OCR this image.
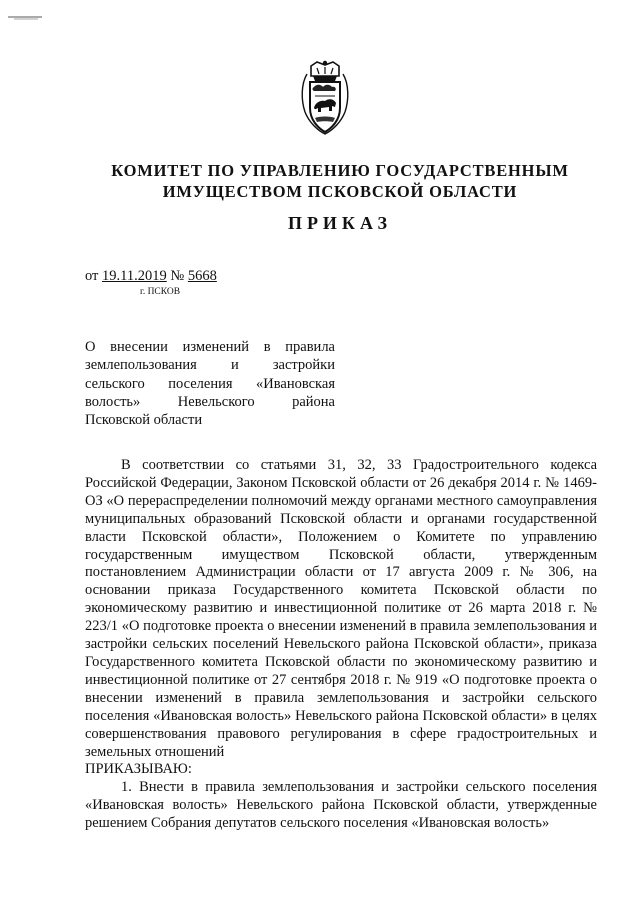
КОМИТЕТ ПО УПРАВЛЕНИЮ ГОСУДАРСТВЕННЫМ
ИМУЩЕСТВОМ ПСКОВСКОЙ ОБЛАСТИ
ПРИКАЗ
от 19.11.2019 № 5668
г. ПСКОВ
О внесении изменений в правила
землепользования и застройки
сельского поселения «Ивановская
волость» Невельского района
Псковской области

В соответствии со статьями 31, 32, 33 Градостроительного кодекса Российской Федерации, Законом Псковской области от 26 декабря 2014 г. № 1469-ОЗ «О перераспределении полномочий между органами местного самоуправления муниципальных образований Псковской области и органами государственной власти Псковской области», Положением о Комитете по управлению государственным имуществом Псковской области, утвержденным постановлением Администрации области от 17 августа 2009 г. № 306, на основании приказа Государственного комитета Псковской области по экономическому развитию и инвестиционной политике от 26 марта 2018 г. № 223/1 «О подготовке проекта о внесении изменений в правила землепользования и застройки сельских поселений Невельского района Псковской области», приказа Государственного комитета Псковской области по экономическому развитию и инвестиционной политике от 27 сентября 2018 г. № 919 «О подготовке проекта о внесении изменений в правила землепользования и застройки сельского поселения «Ивановская волость» Невельского района Псковской области» в целях совершенствования правового регулирования в сфере градостроительных и земельных отношений

ПРИКАЗЫВАЮ:

1. Внести в правила землепользования и застройки сельского поселения «Ивановская волость» Невельского района Псковской области, утвержденные решением Собрания депутатов сельского поселения «Ивановская волость»
